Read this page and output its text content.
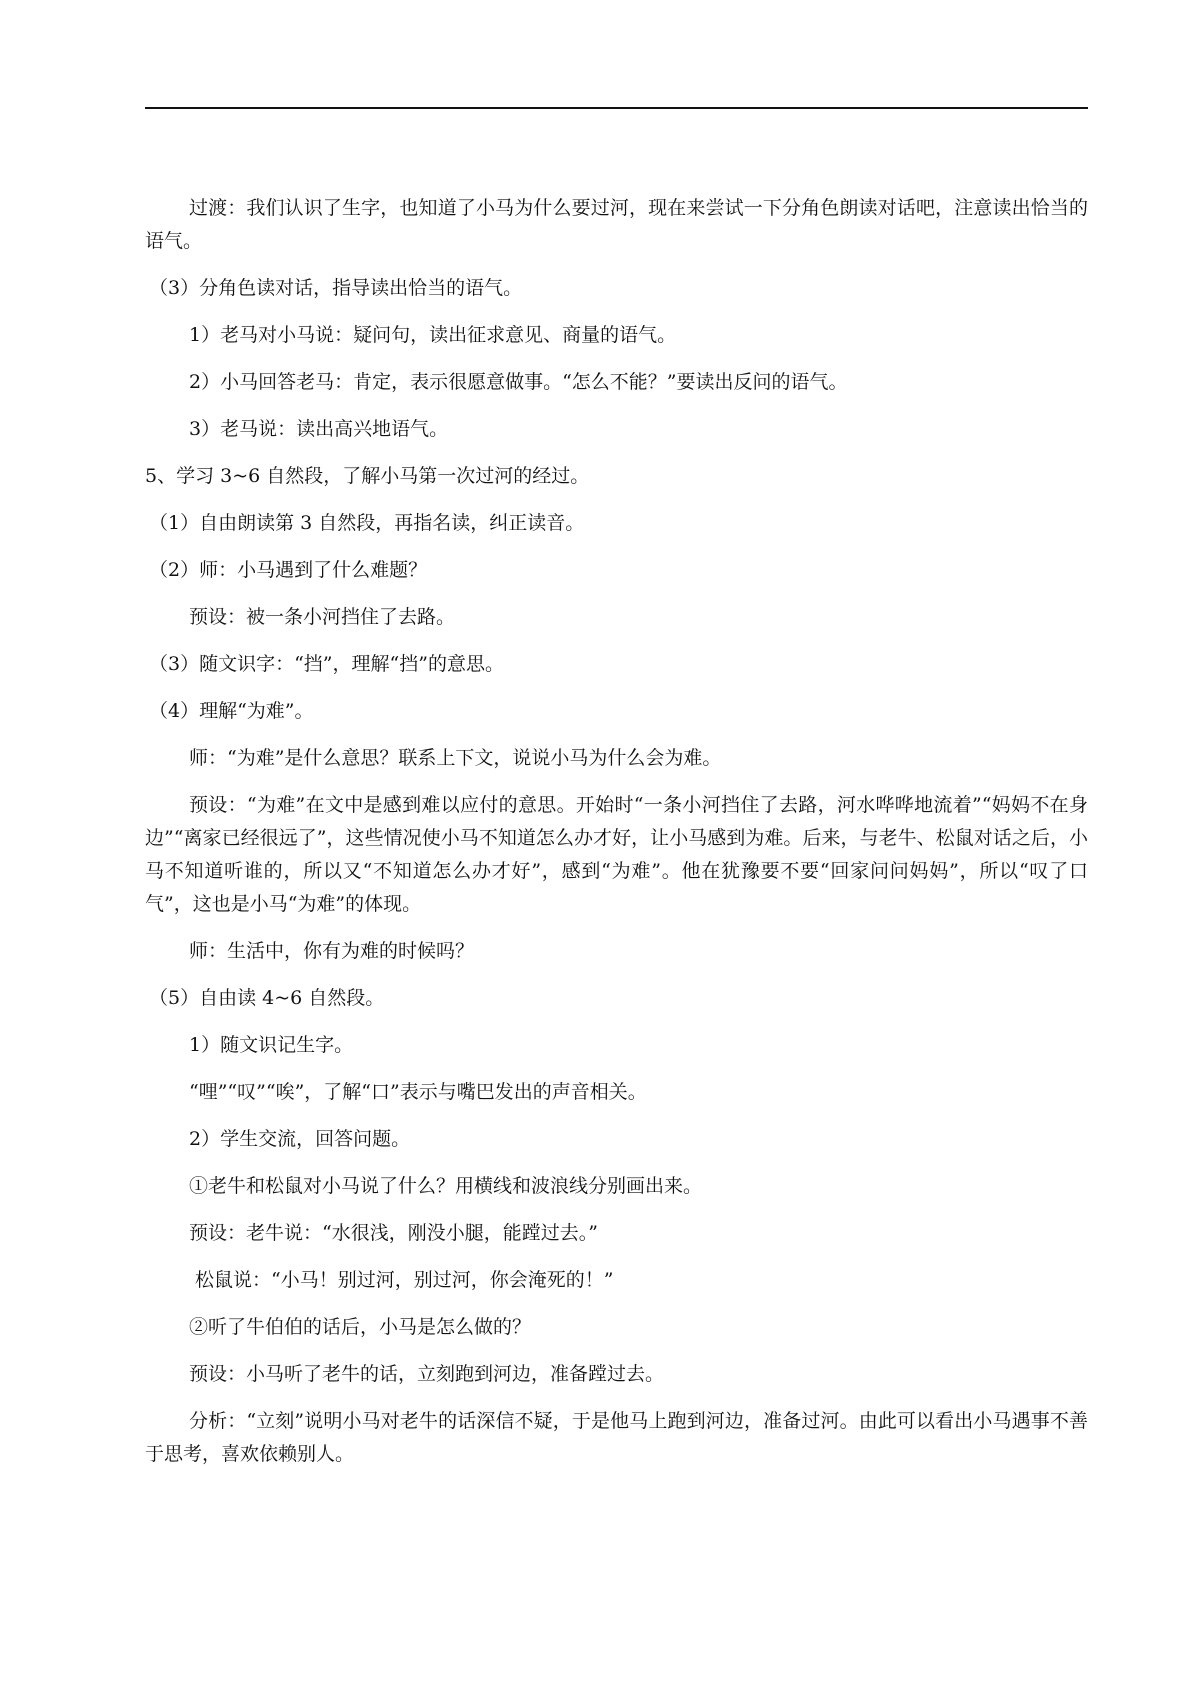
过渡：我们认识了生字，也知道了小马为什么要过河，现在来尝试一下分角色朗读对话吧，注意读出恰当的语气。

（3）分角色读对话，指导读出恰当的语气。

1）老马对小马说：疑问句，读出征求意见、商量的语气。

2）小马回答老马：肯定，表示很愿意做事。“怎么不能？”要读出反问的语气。

3）老马说：读出高兴地语气。

5、学习 3~6 自然段，了解小马第一次过河的经过。

（1）自由朗读第 3 自然段，再指名读，纠正读音。

（2）师：小马遇到了什么难题？

预设：被一条小河挡住了去路。

（3）随文识字：“挡”，理解“挡”的意思。

（4）理解“为难”。

师：“为难”是什么意思？联系上下文，说说小马为什么会为难。

预设：“为难”在文中是感到难以应付的意思。开始时“一条小河挡住了去路，河水哗哗地流着”“妈妈不在身边”“离家已经很远了”，这些情况使小马不知道怎么办才好，让小马感到为难。后来，与老牛、松鼠对话之后，小马不知道听谁的，所以又“不知道怎么办才好”，感到“为难”。他在犹豫要不要“回家问问妈妈”，所以“叹了口气”，这也是小马“为难”的体现。

师：生活中，你有为难的时候吗？

（5）自由读 4~6 自然段。

1）随文识记生字。

“哩”“叹”“唉”，了解“口”表示与嘴巴发出的声音相关。

2）学生交流，回答问题。

①老牛和松鼠对小马说了什么？用横线和波浪线分别画出来。

预设：老牛说：“水很浅，刚没小腿，能蹚过去。”

松鼠说：“小马！别过河，别过河，你会淹死的！”

②听了牛伯伯的话后，小马是怎么做的？

预设：小马听了老牛的话，立刻跑到河边，准备蹚过去。

分析：“立刻”说明小马对老牛的话深信不疑，于是他马上跑到河边，准备过河。由此可以看出小马遇事不善于思考，喜欢依赖别人。
